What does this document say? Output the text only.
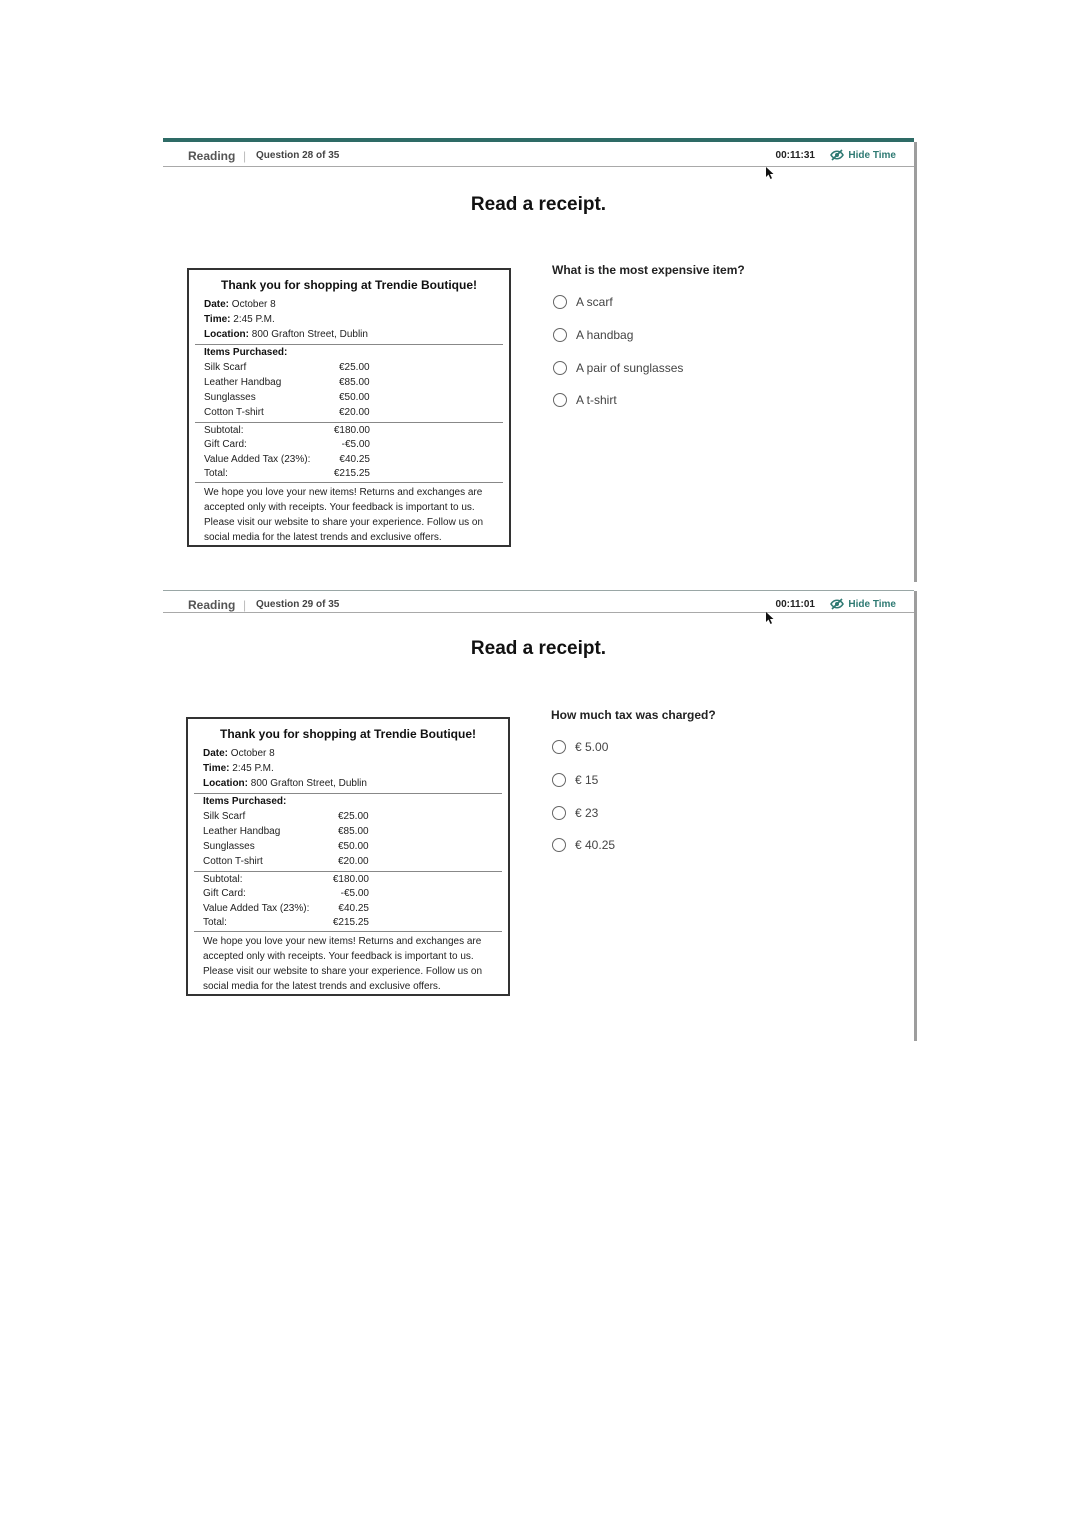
Reading | Question 28 of 35	00:11:31	Hide Time
Read a receipt.
Thank you for shopping at Trendie Boutique!
Date: October 8
Time: 2:45 P.M.
Location: 800 Grafton Street, Dublin
Items Purchased:
Silk Scarf	€25.00
Leather Handbag	€85.00
Sunglasses	€50.00
Cotton T-shirt	€20.00
Subtotal:	€180.00
Gift Card:	-€5.00
Value Added Tax (23%):	€40.25
Total:	€215.25
We hope you love your new items! Returns and exchanges are accepted only with receipts. Your feedback is important to us. Please visit our website to share your experience. Follow us on social media for the latest trends and exclusive offers.
What is the most expensive item?
A scarf
A handbag
A pair of sunglasses
A t-shirt
Reading | Question 29 of 35	00:11:01	Hide Time
Read a receipt.
Thank you for shopping at Trendie Boutique!
Date: October 8
Time: 2:45 P.M.
Location: 800 Grafton Street, Dublin
Items Purchased:
Silk Scarf	€25.00
Leather Handbag	€85.00
Sunglasses	€50.00
Cotton T-shirt	€20.00
Subtotal:	€180.00
Gift Card:	-€5.00
Value Added Tax (23%):	€40.25
Total:	€215.25
We hope you love your new items! Returns and exchanges are accepted only with receipts. Your feedback is important to us. Please visit our website to share your experience. Follow us on social media for the latest trends and exclusive offers.
How much tax was charged?
€ 5.00
€ 15
€ 23
€ 40.25
